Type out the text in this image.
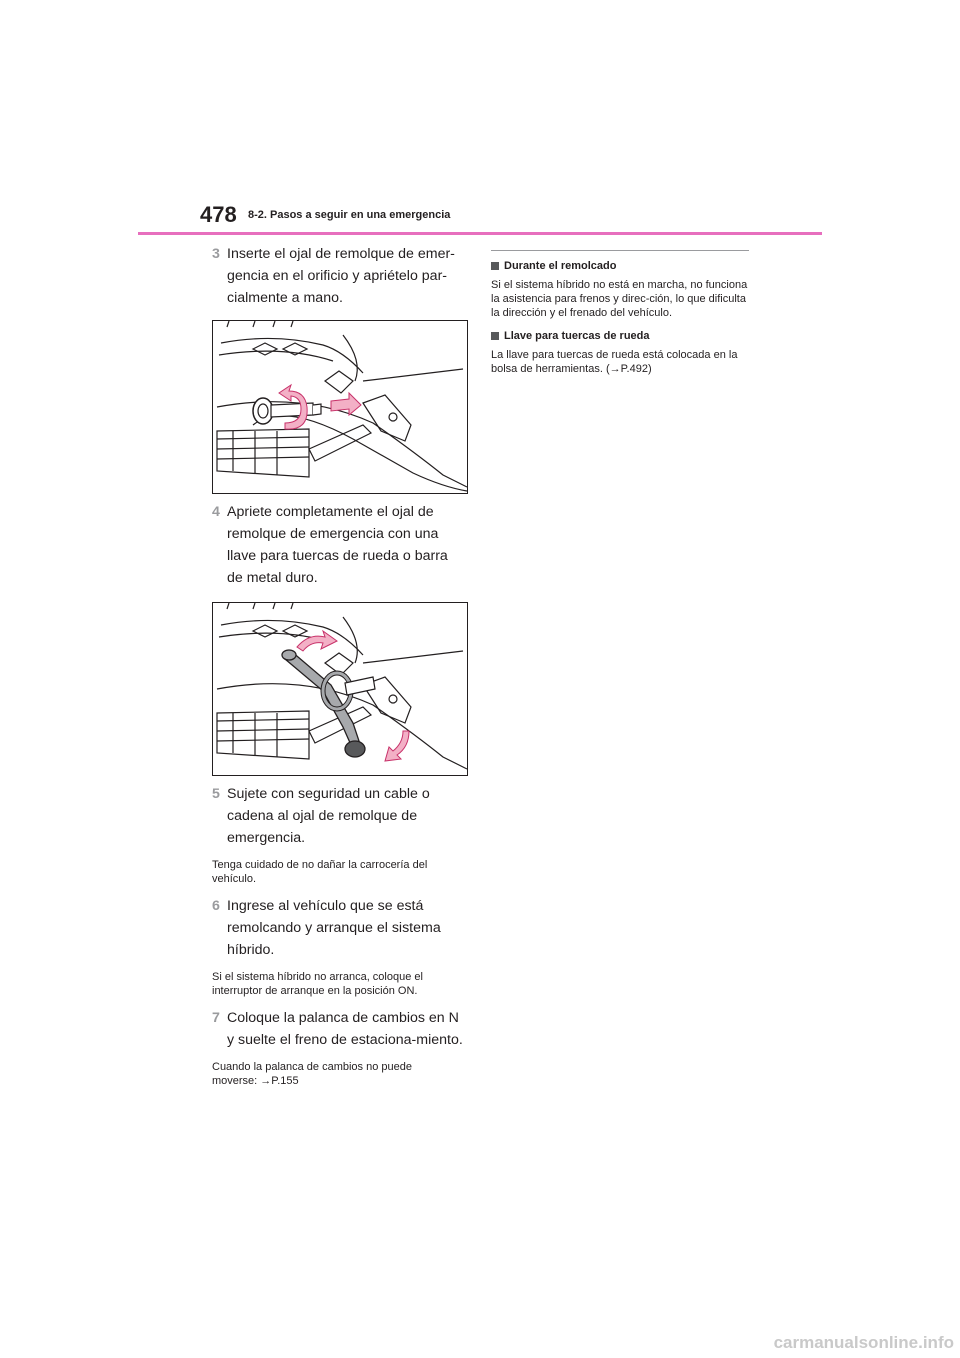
478 8-2. Pasos a seguir en una emergencia
3 Inserte el ojal de remolque de emer-gencia en el orificio y apriételo par-cialmente a mano.
4 Apriete completamente el ojal de remolque de emergencia con una llave para tuercas de rueda o barra de metal duro.
5 Sujete con seguridad un cable o cadena al ojal de remolque de emergencia.

Tenga cuidado de no dañar la carrocería del vehículo.

6 Ingrese al vehículo que se está remolcando y arranque el sistema híbrido.

Si el sistema híbrido no arranca, coloque el interruptor de arranque en la posición ON.

7 Coloque la palanca de cambios en N y suelte el freno de estaciona-miento.

Cuando la palanca de cambios no puede moverse: →P.155

Durante el remolcado

Si el sistema híbrido no está en marcha, no funciona la asistencia para frenos y direc-ción, lo que dificulta la dirección y el frenado del vehículo.

Llave para tuercas de rueda

La llave para tuercas de rueda está colocada en la bolsa de herramientas. (→P.492)

carmanualsonline.info
